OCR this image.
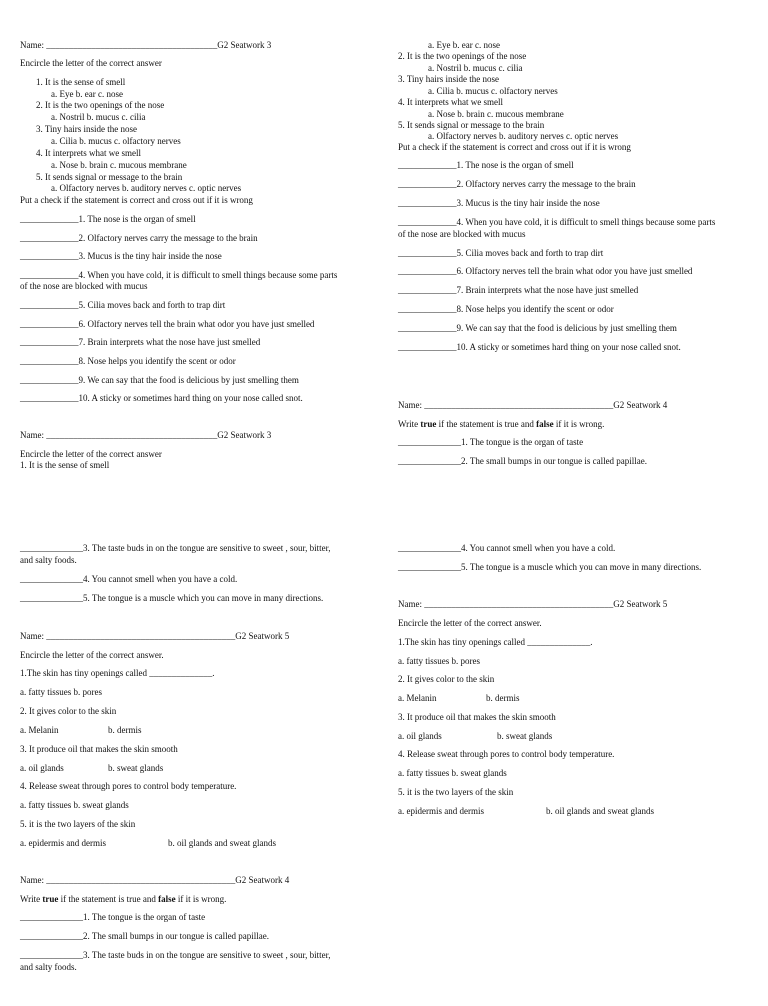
Name: ______________________________________G2 Seatwork 3
Encircle the letter of the correct answer
1. It is the sense of smell
a. Eye b. ear c. nose
2. It is the two openings of the nose
a. Nostril b. mucus c. cilia
3. Tiny hairs inside the nose
a. Cilia b. mucus c. olfactory nerves
4. It interprets what we smell
a. Nose b. brain c. mucous membrane
5. It sends signal or message to the brain
a. Olfactory nerves b. auditory nerves c. optic nerves
Put a check if the statement is correct and cross out if it is wrong
_____________1. The nose is the organ of smell
_____________2. Olfactory nerves carry the message to the brain
_____________3. Mucus is the tiny hair inside the nose
_____________4. When you have cold, it is difficult to smell things because some parts
of the nose are blocked with mucus
_____________5. Cilia moves back and forth to trap dirt
_____________6. Olfactory nerves tell the brain what odor you have just smelled
_____________7. Brain interprets what the nose have just smelled
_____________8. Nose helps you identify the scent or odor
_____________9. We can say that the food is delicious by just smelling them
_____________10. A sticky or sometimes hard thing on your nose called snot.
Name: ______________________________________G2 Seatwork 3
Encircle the letter of the correct answer
1. It is the sense of smell
______________3. The taste buds in on the tongue are sensitive to sweet , sour, bitter,
and salty foods.
______________4. You cannot smell when you have a cold.
______________5. The tongue is a muscle which you can move in many directions.
Name: __________________________________________G2 Seatwork 5
Encircle the letter of the correct answer.
1.The skin has tiny openings called ______________.
a. fatty tissues b. pores
2. It gives color to the skin
a. Melanin	b. dermis
3. It produce oil that makes the skin smooth
a. oil glands	b. sweat glands
4. Release sweat through pores to control body temperature.
a. fatty tissues b. sweat glands
5. it is the two layers of the skin
a. epidermis and dermis	b. oil glands and sweat glands
Name: __________________________________________G2 Seatwork 4
Write true if the statement is true and false if it is wrong.
______________1. The tongue is the organ of taste
______________2. The small bumps in our tongue is called papillae.
______________3. The taste buds in on the tongue are sensitive to sweet , sour, bitter,
and salty foods.
a. Eye b. ear c. nose
2. It is the two openings of the nose
a. Nostril b. mucus c. cilia
3. Tiny hairs inside the nose
a. Cilia b. mucus c. olfactory nerves
4. It interprets what we smell
a. Nose b. brain c. mucous membrane
5. It sends signal or message to the brain
a. Olfactory nerves b. auditory nerves c. optic nerves
Put a check if the statement is correct and cross out if it is wrong
_____________1. The nose is the organ of smell
_____________2. Olfactory nerves carry the message to the brain
_____________3. Mucus is the tiny hair inside the nose
_____________4. When you have cold, it is difficult to smell things because some parts
of the nose are blocked with mucus
_____________5. Cilia moves back and forth to trap dirt
_____________6. Olfactory nerves tell the brain what odor you have just smelled
_____________7. Brain interprets what the nose have just smelled
_____________8. Nose helps you identify the scent or odor
_____________9. We can say that the food is delicious by just smelling them
_____________10. A sticky or sometimes hard thing on your nose called snot.
Name: __________________________________________G2 Seatwork 4
Write true if the statement is true and false if it is wrong.
______________1. The tongue is the organ of taste
______________2. The small bumps in our tongue is called papillae.
______________4. You cannot smell when you have a cold.
______________5. The tongue is a muscle which you can move in many directions.
Name: __________________________________________G2 Seatwork 5
Encircle the letter of the correct answer.
1.The skin has tiny openings called ______________.
a. fatty tissues b. pores
2. It gives color to the skin
a. Melanin	b. dermis
3. It produce oil that makes the skin smooth
a. oil glands	b. sweat glands
4. Release sweat through pores to control body temperature.
a. fatty tissues b. sweat glands
5. it is the two layers of the skin
a. epidermis and dermis	b. oil glands and sweat glands
